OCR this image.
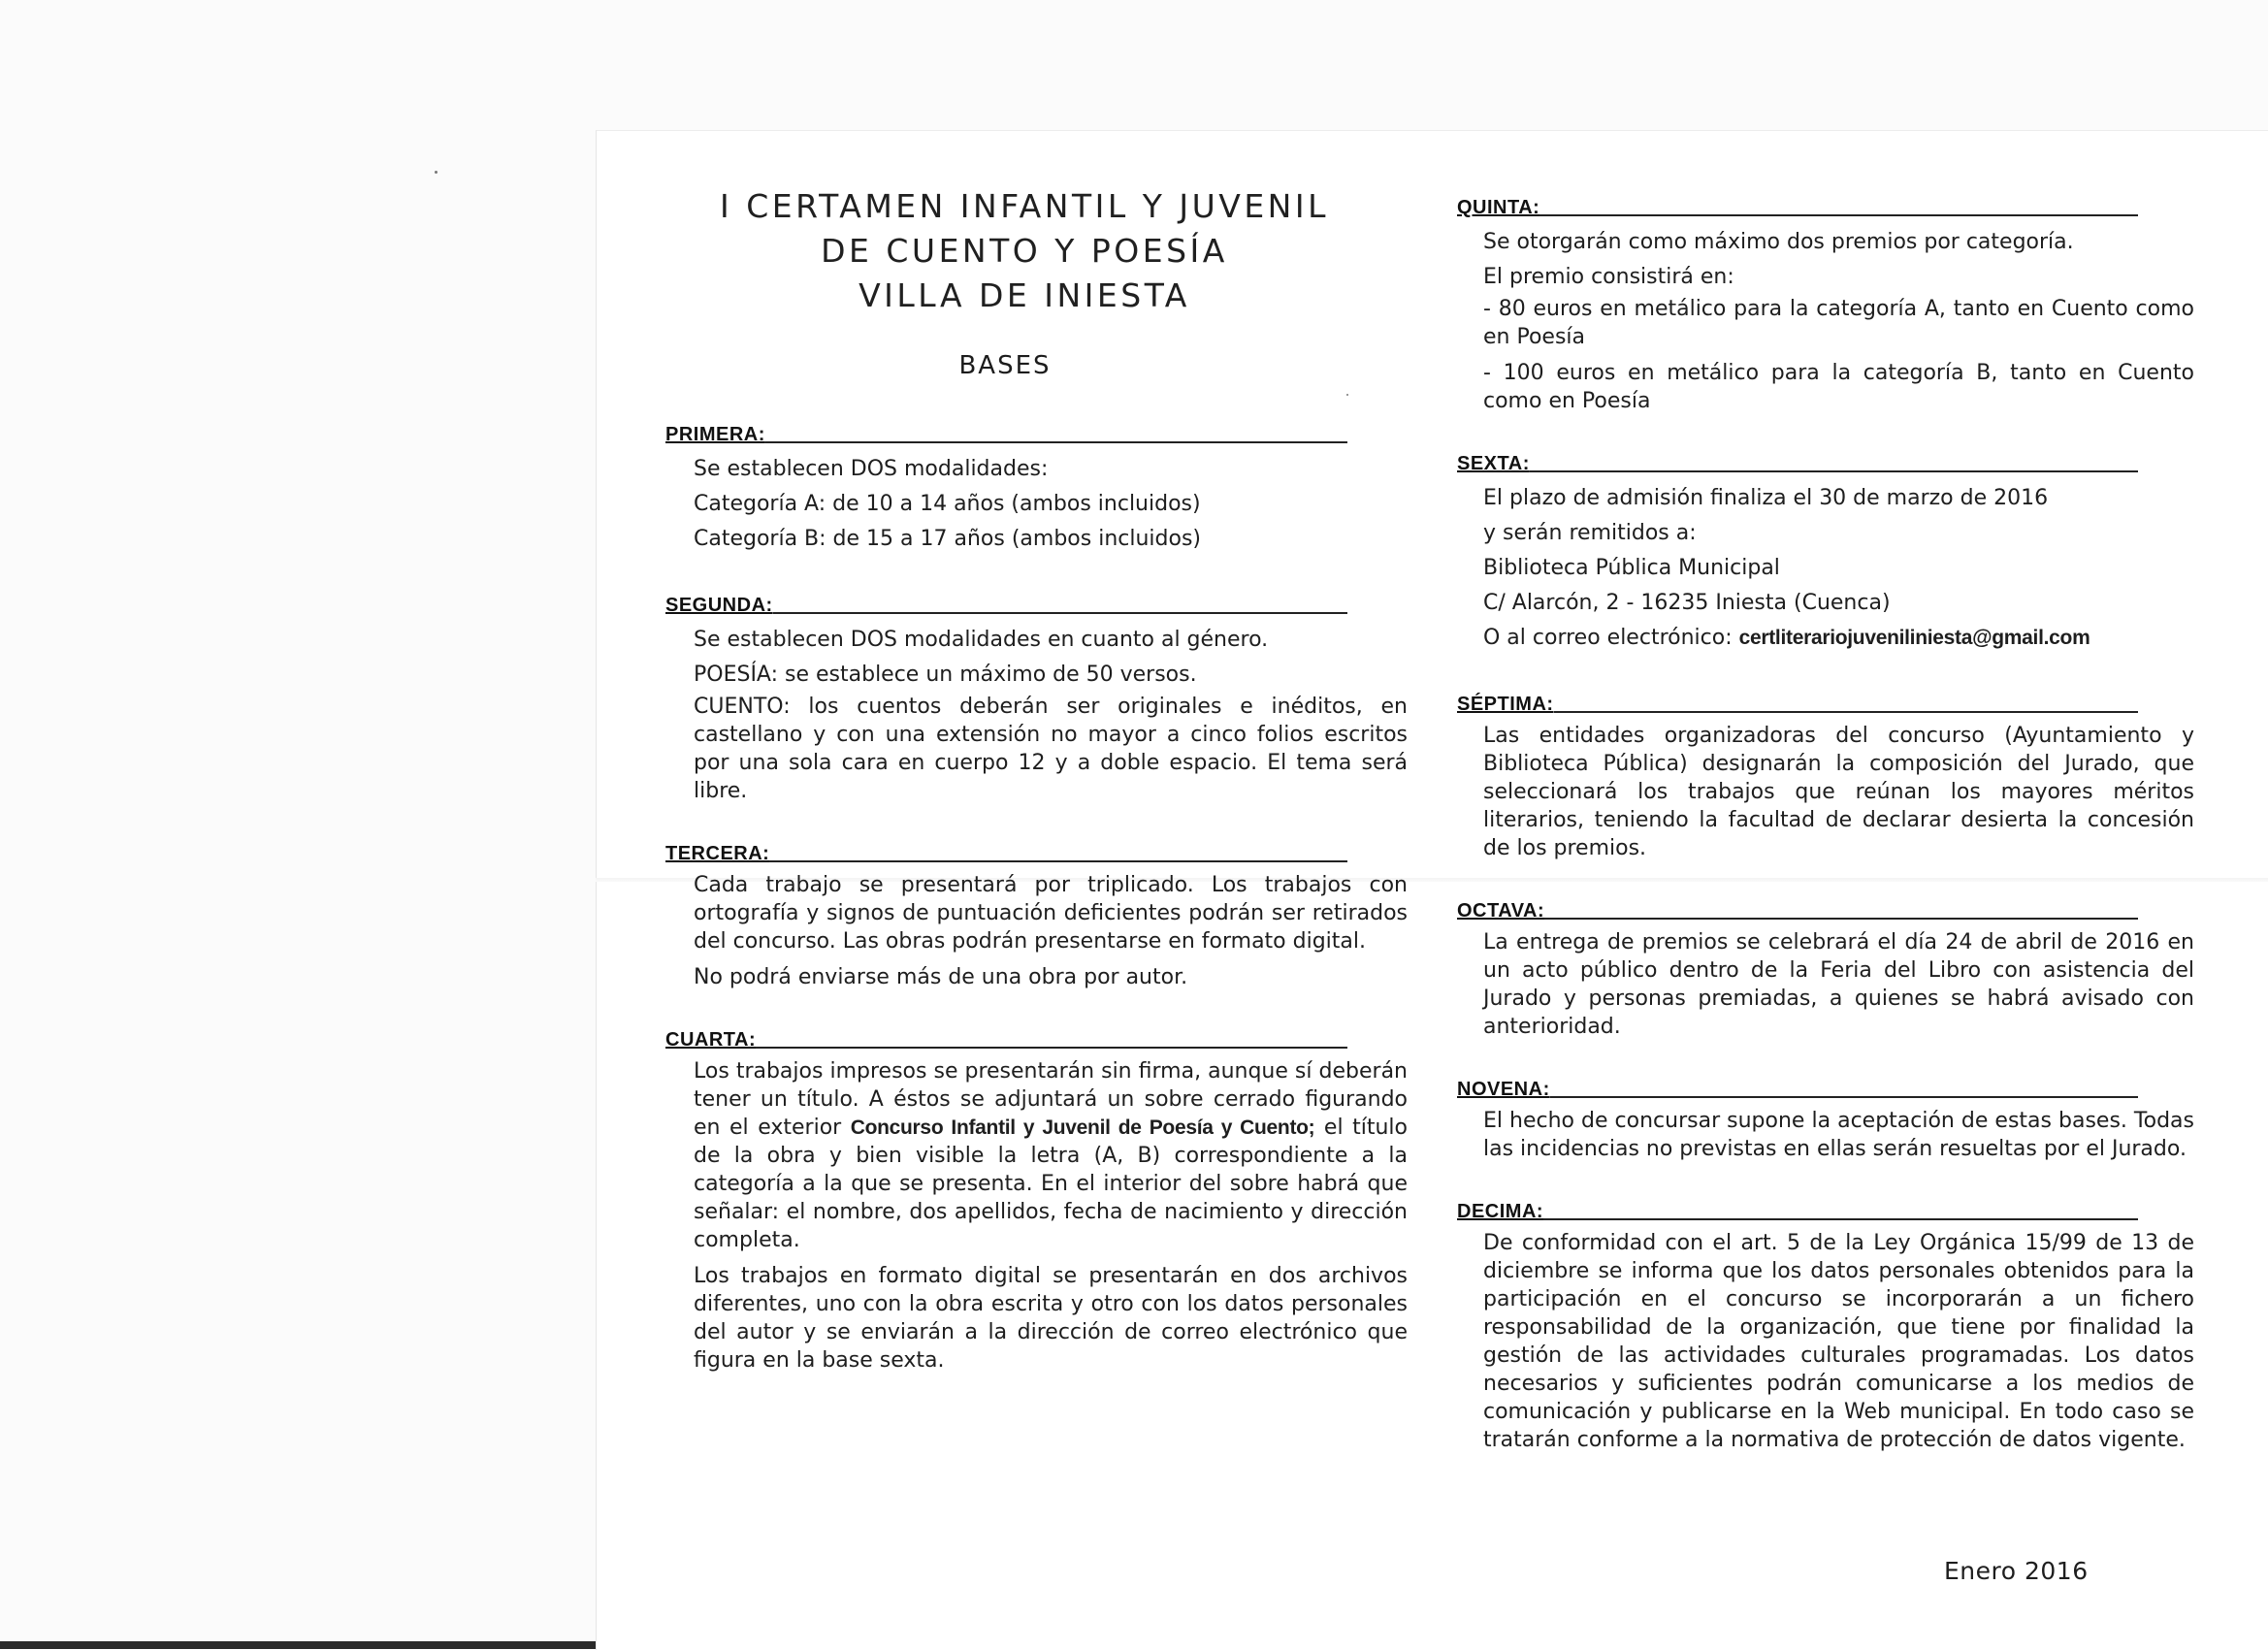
I CERTAMEN INFANTIL Y JUVENIL

DE CUENTO Y POESÍA

VILLA DE INIESTA

BASES
PRIMERA:

Se establecen DOS modalidades:

Categoría A: de 10 a 14 años (ambos incluidos)

Categoría B: de 15 a 17 años (ambos incluidos)

SEGUNDA:

Se establecen DOS modalidades en cuanto al género.

POESÍA: se establece un máximo de 50 versos.

CUENTO: los cuentos deberán ser originales e inéditos, en castellano y con una extensión no mayor a cinco folios escritos por una sola cara en cuerpo 12 y a doble espacio. El tema será libre.

TERCERA:

Cada trabajo se presentará por triplicado. Los trabajos con ortografía y signos de puntuación deficientes podrán ser retirados del concurso. Las obras podrán presentarse en formato digital.

No podrá enviarse más de una obra por autor.

CUARTA:

Los trabajos impresos se presentarán sin firma, aunque sí deberán tener un título. A éstos se adjuntará un sobre cerrado figurando en el exterior Concurso Infantil y Juvenil de Poesía y Cuento; el título de la obra y bien visible la letra (A, B) correspondiente a la categoría a la que se presenta. En el interior del sobre habrá que señalar: el nombre, dos apellidos, fecha de nacimiento y dirección completa.

Los trabajos en formato digital se presentarán en dos archivos diferentes, uno con la obra escrita y otro con los datos personales del autor y se enviarán a la dirección de correo electrónico que figura en la base sexta.

QUINTA:

Se otorgarán como máximo dos premios por categoría.

El premio consistirá en:

- 80 euros en metálico para la categoría A, tanto en Cuento como en Poesía

- 100 euros en metálico para la categoría B, tanto en Cuento como en Poesía

SEXTA:

El plazo de admisión finaliza el 30 de marzo de 2016

y serán remitidos a:

Biblioteca Pública Municipal

C/ Alarcón, 2 - 16235 Iniesta (Cuenca)

O al correo electrónico: certliterariojuveniliniesta@gmail.com

SÉPTIMA:

Las entidades organizadoras del concurso (Ayuntamiento y Biblioteca Pública) designarán la composición del Jurado, que seleccionará los trabajos que reúnan los mayores méritos literarios, teniendo la facultad de declarar desierta la concesión de los premios.

OCTAVA:

La entrega de premios se celebrará el día 24 de abril de 2016 en un acto público dentro de la Feria del Libro con asistencia del Jurado y personas premiadas, a quienes se habrá avisado con anterioridad.

NOVENA:

El hecho de concursar supone la aceptación de estas bases. Todas las incidencias no previstas en ellas serán resueltas por el Jurado.

DECIMA:

De conformidad con el art. 5 de la Ley Orgánica 15/99 de 13 de diciembre se informa que los datos personales obtenidos para la participación en el concurso se incorporarán a un fichero responsabilidad de la organización, que tiene por finalidad la gestión de las actividades culturales programadas. Los datos necesarios y suficientes podrán comunicarse a los medios de comunicación y publicarse en la Web municipal. En todo caso se tratarán conforme a la normativa de protección de datos vigente.

Enero 2016
